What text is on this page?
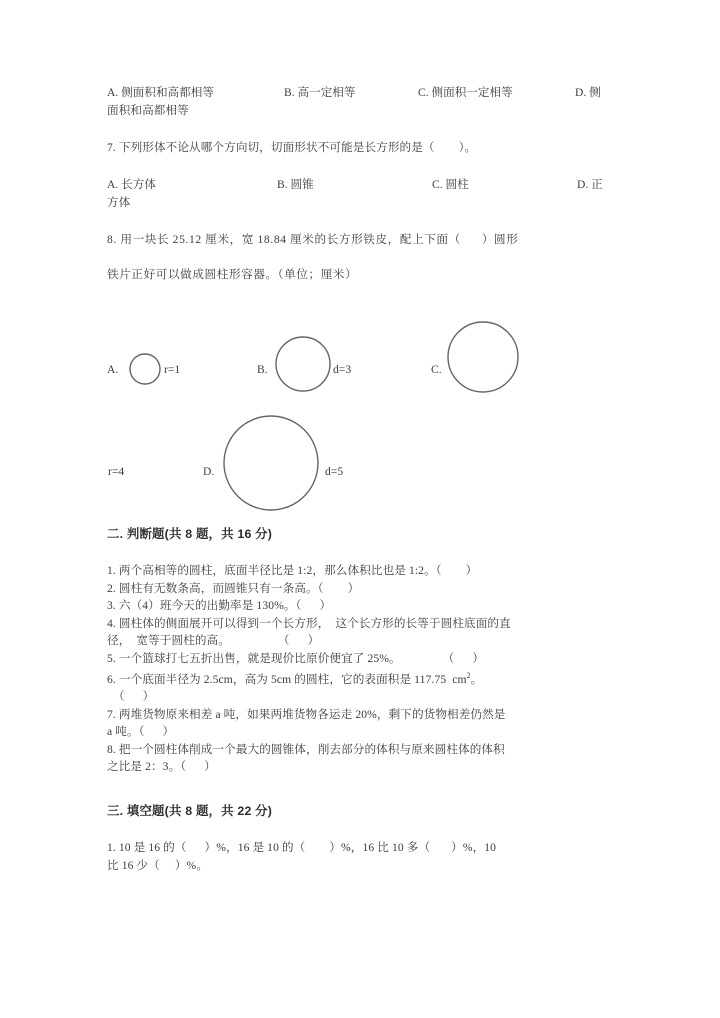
A. 侧面积和高都相等	B. 高一定相等	C. 侧面积一定相等	D. 侧
面积和高都相等

7. 下列形体不论从哪个方向切，切面形状不可能是长方形的是（        ）。

A. 长方体	B. 圆锥	C. 圆柱	D. 正
方体

8. 用一块长 25.12 厘米，宽 18.84 厘米的长方形铁皮，配上下面（      ）圆形

铁片正好可以做成圆柱形容器。（单位；厘米）

A.	r=1	B.	d=3	C.
r=4	D.	d=5

二. 判断题(共 8 题，共 16 分)

1. 两个高相等的圆柱，底面半径比是 1:2，那么体积比也是 1:2。（        ）

2. 圆柱有无数条高，而圆锥只有一条高。（        ）

3. 六（4）班今天的出勤率是 130%。（      ）

4. 圆柱体的侧面展开可以得到一个长方形，  这个长方形的长等于圆柱底面的直

径，  宽等于圆柱的高。                （      ）

5. 一个篮球打七五折出售，就是现价比原价便宜了 25%。              （      ）

6. 一个底面半径为 2.5cm，高为 5cm 的圆柱，它的表面积是 117.75  $cm^2$。

（      ）

7. 两堆货物原来相差 a 吨，如果两堆货物各运走 20%，剩下的货物相差仍然是

a 吨。（      ）

8. 把一个圆柱体削成一个最大的圆锥体，削去部分的体积与原来圆柱体的体积

之比是 2：3。（      ）

三. 填空题(共 8 题，共 22 分)

1. 10 是 16 的（      ）%，16 是 10 的（        ）%，16 比 10 多（       ）%，10

比 16 少（     ）%。
